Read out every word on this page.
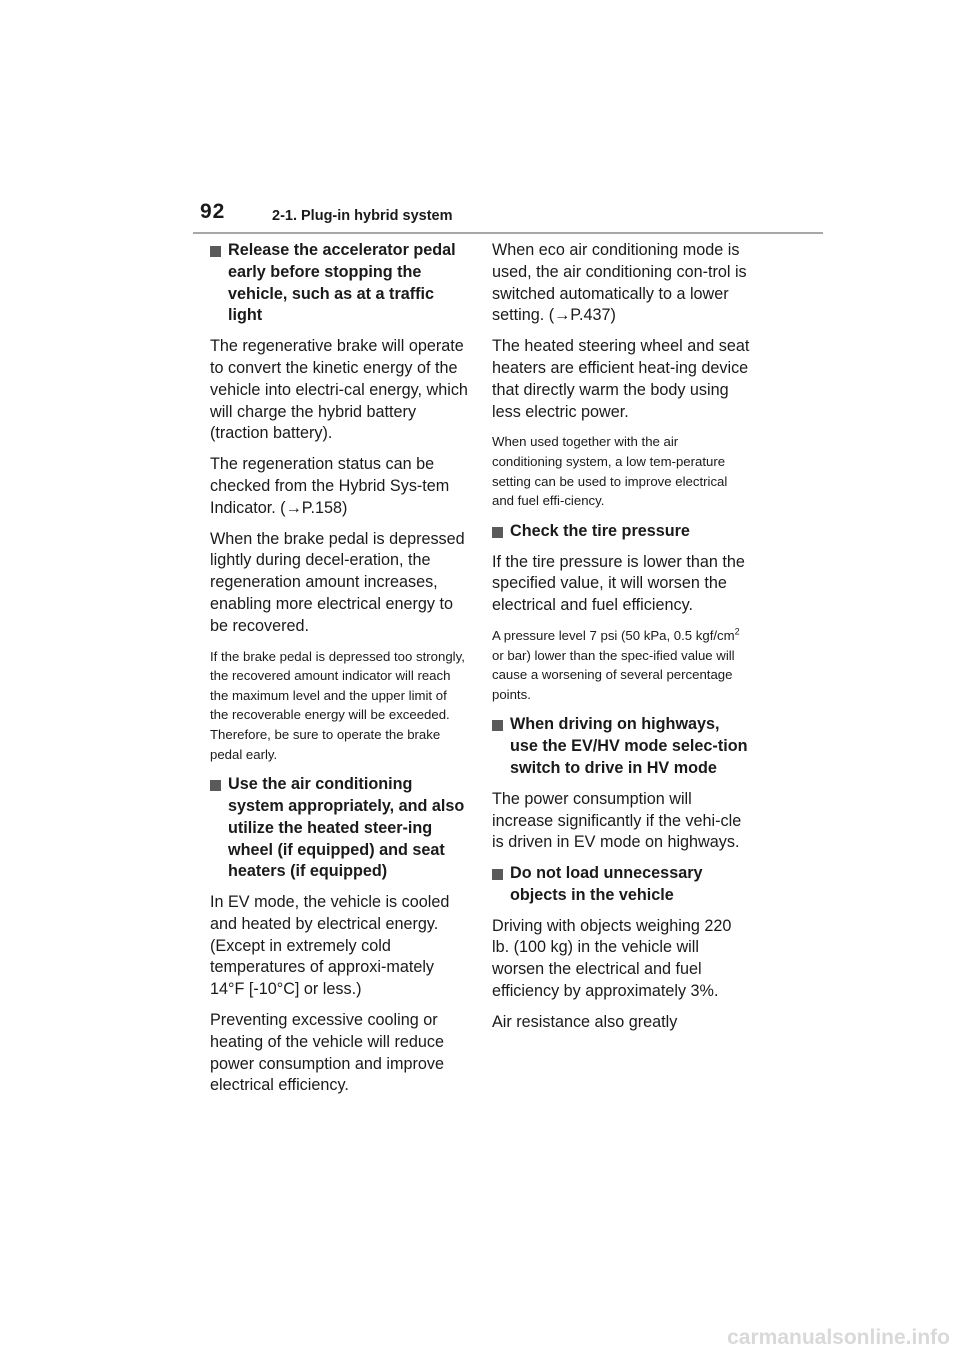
92	2-1. Plug-in hybrid system
Release the accelerator pedal early before stopping the vehicle, such as at a traffic light

The regenerative brake will operate to convert the kinetic energy of the vehicle into electri-cal energy, which will charge the hybrid battery (traction battery).

The regeneration status can be checked from the Hybrid Sys-tem Indicator. (→P.158)

When the brake pedal is depressed lightly during decel-eration, the regeneration amount increases, enabling more electrical energy to be recovered.

If the brake pedal is depressed too strongly, the recovered amount indicator will reach the maximum level and the upper limit of the recoverable energy will be exceeded. Therefore, be sure to operate the brake pedal early.

Use the air conditioning system appropriately, and also utilize the heated steer-ing wheel (if equipped) and seat heaters (if equipped)

In EV mode, the vehicle is cooled and heated by electrical energy. (Except in extremely cold temperatures of approxi-mately 14°F [-10°C] or less.)

Preventing excessive cooling or heating of the vehicle will reduce power consumption and improve electrical efficiency.

When eco air conditioning mode is used, the air conditioning con-trol is switched automatically to a lower setting. (→P.437)

The heated steering wheel and seat heaters are efficient heat-ing device that directly warm the body using less electric power.

When used together with the air conditioning system, a low tem-perature setting can be used to improve electrical and fuel effi-ciency.

Check the tire pressure

If the tire pressure is lower than the specified value, it will worsen the electrical and fuel efficiency.

A pressure level 7 psi (50 kPa, 0.5 kgf/$cm^2$ or bar) lower than the spec-ified value will cause a worsening of several percentage points.

When driving on highways, use the EV/HV mode selec-tion switch to drive in HV mode

The power consumption will increase significantly if the vehi-cle is driven in EV mode on highways.

Do not load unnecessary objects in the vehicle

Driving with objects weighing 220 lb. (100 kg) in the vehicle will worsen the electrical and fuel efficiency by approximately 3%.

Air resistance also greatly

carmanualsonline.info
